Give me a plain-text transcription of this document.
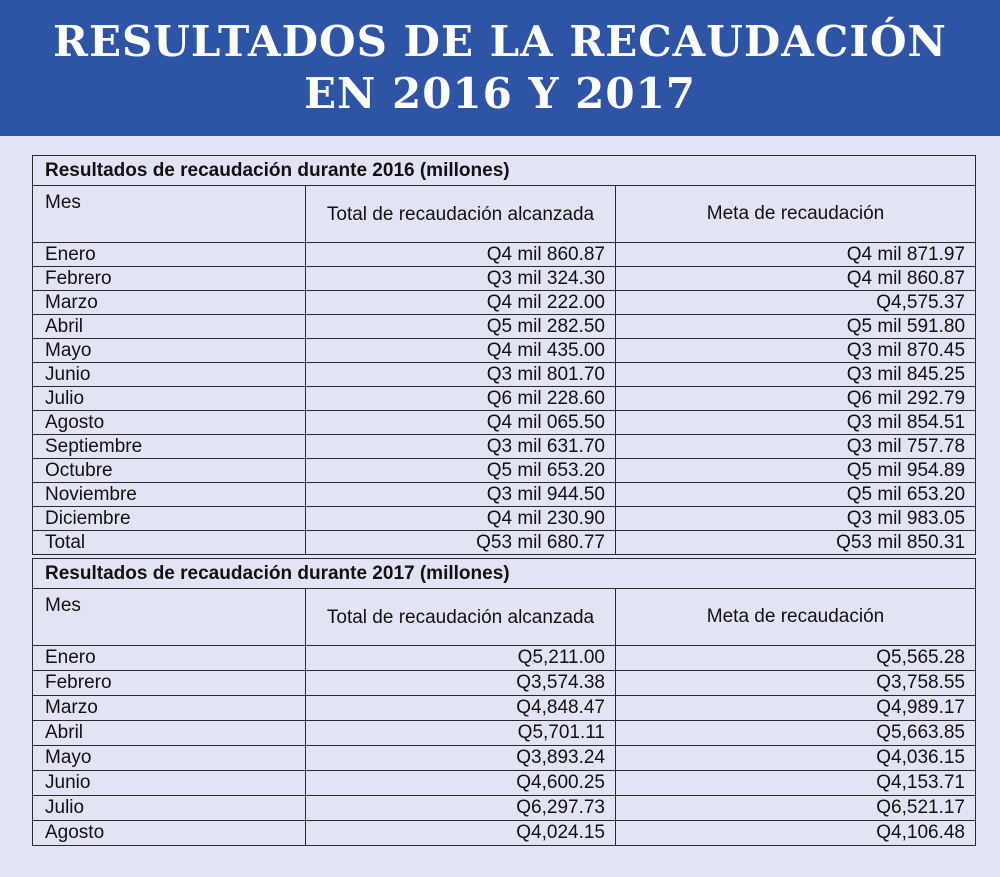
RESULTADOS DE LA RECAUDACIÓN
EN 2016 Y 2017
Resultados de recaudación durante 2016 (millones)		
Mes	Total de recaudación alcanzada	Meta de recaudación
Enero	Q4 mil 860.87	Q4 mil 871.97
Febrero	Q3 mil 324.30	Q4 mil 860.87
Marzo	Q4 mil 222.00	Q4,575.37
Abril	Q5 mil 282.50	Q5 mil 591.80
Mayo	Q4 mil 435.00	Q3 mil 870.45
Junio	Q3 mil 801.70	Q3 mil 845.25
Julio	Q6 mil 228.60	Q6 mil 292.79
Agosto	Q4 mil 065.50	Q3 mil 854.51
Septiembre	Q3 mil 631.70	Q3 mil 757.78
Octubre	Q5 mil 653.20	Q5 mil 954.89
Noviembre	Q3 mil 944.50	Q5 mil 653.20
Diciembre	Q4 mil 230.90	Q3 mil 983.05
Total	Q53 mil 680.77	Q53 mil 850.31
Resultados de recaudación durante 2017 (millones)		
Mes	Total de recaudación alcanzada	Meta de recaudación
Enero	Q5,211.00	Q5,565.28
Febrero	Q3,574.38	Q3,758.55
Marzo	Q4,848.47	Q4,989.17
Abril	Q5,701.11	Q5,663.85
Mayo	Q3,893.24	Q4,036.15
Junio	Q4,600.25	Q4,153.71
Julio	Q6,297.73	Q6,521.17
Agosto	Q4,024.15	Q4,106.48
